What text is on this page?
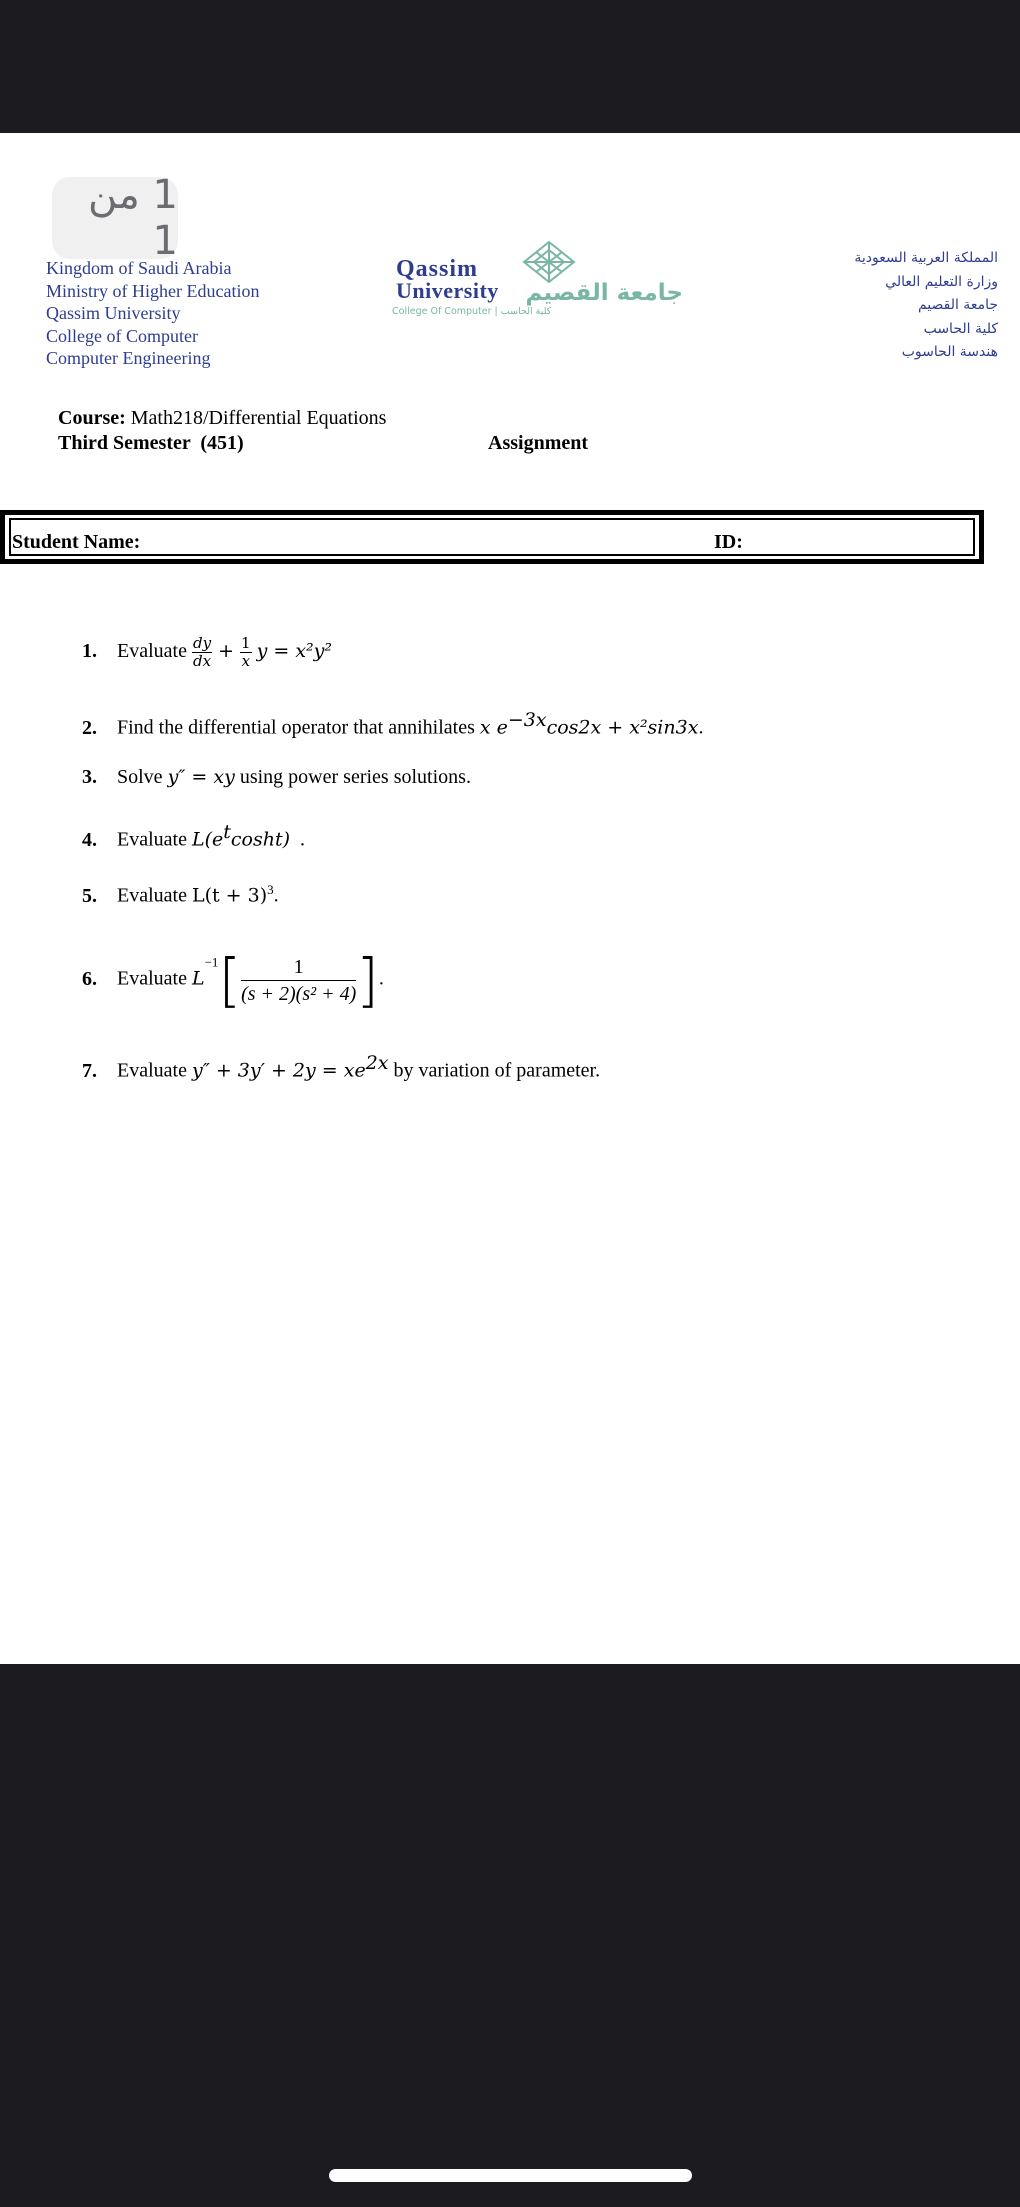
1 من 1
Kingdom of Saudi Arabia
Ministry of Higher Education
Qassim University
College of Computer
Computer Engineering
Qassim
University جامعة القصيم
College Of Computer | كلية الحاسب
المملكة العربية السعودية
وزارة التعليم العالي
جامعة القصيم
كلية الحاسب
هندسة الحاسوب
Course: Math218/Differential Equations
Third Semester  (451)	Assignment
Student Name:	ID:
1. Evaluate $\frac{dy}{dx} + \frac{1}{x}$ y = x²y²
2. Find the differential operator that annihilates x $e^{-3x}\cos 2x + x^2\sin 3x$.
3. Solve y″ = xy using power series solutions.
4. Evaluate $L(e^t\cosh t)$  .
5. Evaluate $L(t + 3)^3$.
6. Evaluate $L^{-1}[ \frac{1}{\text{(s + 2)(s² + 4)}}$ ].
7. Evaluate $y'' + 3y' + 2y = xe^{2x}$ by variation of parameter.
